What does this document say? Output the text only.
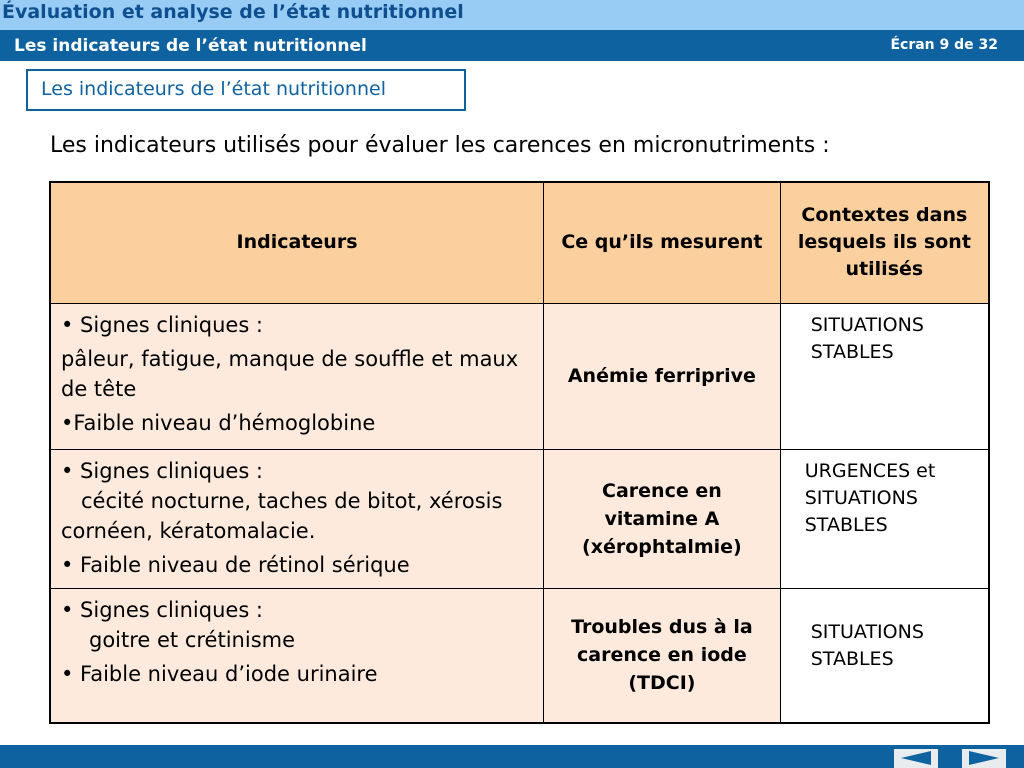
Évaluation et analyse de l’état nutritionnel
Les indicateurs de l’état nutritionnel	Écran 9 de 32
Les indicateurs de l’état nutritionnel
Les indicateurs utilisés pour évaluer les carences en micronutriments :
Indicateurs	Ce qu’ils mesurent	Contextes dans lesquels ils sont utilisés

• Signes cliniques :

pâleur, fatigue, manque de souffle et maux de tête

•Faible niveau d’hémoglobine	Anémie ferriprive	SITUATIONS STABLES

• Signes cliniques :

cécité nocturne, taches de bitot, xérosis cornéen, kératomalacie.

• Faible niveau de rétinol sérique	Carence en vitamine A (xérophtalmie)	URGENCES et SITUATIONS STABLES

• Signes cliniques :

goitre et crétinisme

• Faible niveau d’iode urinaire	Troubles dus à la carence en iode (TDCI)	SITUATIONS STABLES
